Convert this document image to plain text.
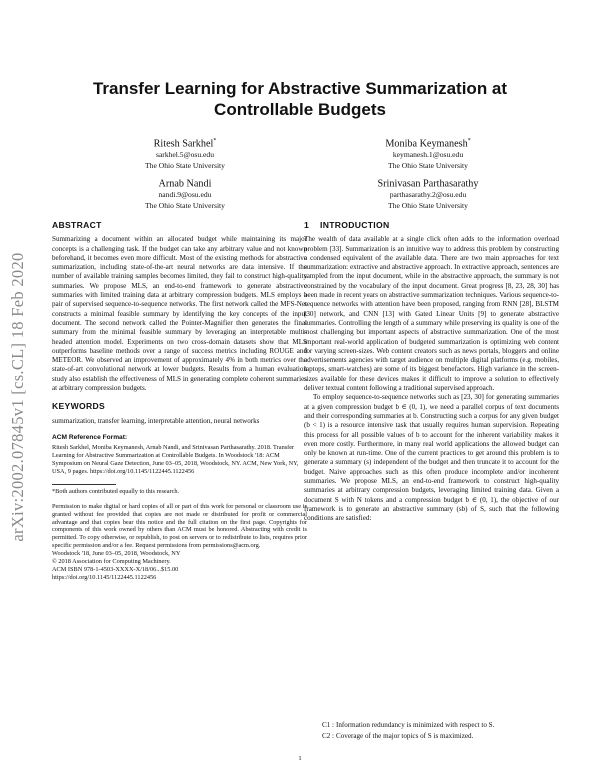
arXiv:2002.07845v1 [cs.CL] 18 Feb 2020
Transfer Learning for Abstractive Summarization at
Controllable Budgets
Ritesh Sarkhel*
sarkhel.5@osu.edu
The Ohio State University
Moniba Keymanesh*
keymanesh.1@osu.edu
The Ohio State University
Arnab Nandi
nandi.9@osu.edu
The Ohio State University
Srinivasan Parthasarathy
parthasarathy.2@osu.edu
The Ohio State University
ABSTRACT

Summarizing a document within an allocated budget while maintaining its major concepts is a challenging task. If the budget can take any arbitrary value and not known beforehand, it becomes even more difficult. Most of the existing methods for abstractive summarization, including state-of-the-art neural networks are data intensive. If the number of available training samples becomes limited, they fail to construct high-quality summaries. We propose MLS, an end-to-end framework to generate abstractive summaries with limited training data at arbitrary compression budgets. MLS employs a pair of supervised sequence-to-sequence networks. The first network called the MFS-Net constructs a minimal feasible summary by identifying the key concepts of the input document. The second network called the Pointer-Magnifier then generates the final summary from the minimal feasible summary by leveraging an interpretable multi-headed attention model. Experiments on two cross-domain datasets show that MLS outperforms baseline methods over a range of success metrics including ROUGE and METEOR. We observed an improvement of approximately 4% in both metrics over the state-of-art convolutional network at lower budgets. Results from a human evaluation study also establish the effectiveness of MLS in generating complete coherent summaries at arbitrary compression budgets.

KEYWORDS

summarization, transfer learning, interpretable attention, neural networks

ACM Reference Format:

Ritesh Sarkhel, Moniba Keymanesh, Arnab Nandi, and Srinivasan Parthasarathy. 2018. Transfer Learning for Abstractive Summarization at Controllable Budgets. In Woodstock '18: ACM Symposium on Neural Gaze Detection, June 03–05, 2018, Woodstock, NY. ACM, New York, NY, USA, 9 pages. https://doi.org/10.1145/1122445.1122456

*Both authors contributed equally to this research.

Permission to make digital or hard copies of all or part of this work for personal or classroom use is granted without fee provided that copies are not made or distributed for profit or commercial advantage and that copies bear this notice and the full citation on the first page. Copyrights for components of this work owned by others than ACM must be honored. Abstracting with credit is permitted. To copy otherwise, or republish, to post on servers or to redistribute to lists, requires prior specific permission and/or a fee. Request permissions from permissions@acm.org.

Woodstock '18, June 03–05, 2018, Woodstock, NY

© 2018 Association for Computing Machinery.

ACM ISBN 978-1-4503-XXXX-X/18/06...$15.00

https://doi.org/10.1145/1122445.1122456

1 INTRODUCTION

The wealth of data available at a single click often adds to the information overload problem [33]. Summarization is an intuitive way to address this problem by constructing a condensed equivalent of the available data. There are two main approaches for text summarization: extractive and abstractive approach. In extractive approach, sentences are sampled from the input document, while in the abstractive approach, the summary is not constrained by the vocabulary of the input document. Great progress [8, 23, 28, 30] has been made in recent years on abstractive summarization techniques. Various sequence-to-sequence networks with attention have been proposed, ranging from RNN [28], BLSTM [30] network, and CNN [13] with Gated Linear Units [9] to generate abstractive summaries. Controlling the length of a summary while preserving its quality is one of the most challenging but important aspects of abstractive summarization. One of the most important real-world application of budgeted summarization is optimizing web content for varying screen-sizes. Web content creators such as news portals, bloggers and online advertisements agencies with target audience on multiple digital platforms (e.g. mobiles, laptops, smart-watches) are some of its biggest benefactors. High variance in the screen-sizes available for these devices makes it difficult to improve a solution to effectively deliver textual content following a traditional supervised approach.

To employ sequence-to-sequence networks such as [23, 30] for generating summaries at a given compression budget b ∈ (0, 1), we need a parallel corpus of text documents and their corresponding summaries at b. Constructing such a corpus for any given budget (b < 1) is a resource intensive task that usually requires human supervision. Repeating this process for all possible values of b to account for the inherent variability makes it even more costly. Furthermore, in many real world applications the allowed budget can only be known at run-time. One of the current practices to get around this problem is to generate a summary (s) independent of the budget and then truncate it to account for the budget. Naive approaches such as this often produce incomplete and/or incoherent summaries. We propose MLS, an end-to-end framework to construct high-quality summaries at arbitrary compression budgets, leveraging limited training data. Given a document S with N tokens and a compression budget b ∈ (0, 1), the objective of our framework is to generate an abstractive summary (sb) of S, such that the following conditions are satisfied:

C1 : Information redundancy is minimized with respect to S.
C2 : Coverage of the major topics of S is maximized.
1
